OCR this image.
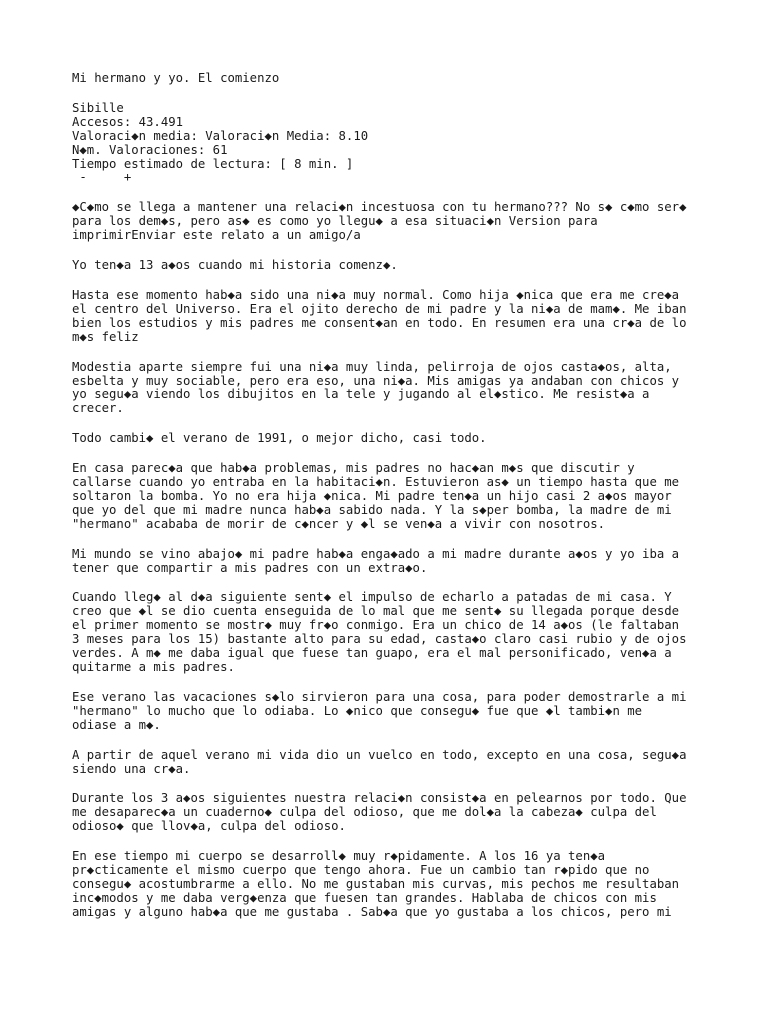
Mi hermano y yo. El comienzo
Sibille
Accesos: 43.491
Valoraci◆n media: Valoraci◆n Media: 8.10
N◆m. Valoraciones: 61
Tiempo estimado de lectura: [ 8 min. ]
-     +
◆C◆mo se llega a mantener una relaci◆n incestuosa con tu hermano??? No s◆ c◆mo ser◆
para los dem◆s, pero as◆ es como yo llegu◆ a esa situaci◆n Version para
imprimirEnviar este relato a un amigo/a
Yo ten◆a 13 a◆os cuando mi historia comenz◆.
Hasta ese momento hab◆a sido una ni◆a muy normal. Como hija ◆nica que era me cre◆a
el centro del Universo. Era el ojito derecho de mi padre y la ni◆a de mam◆. Me iban
bien los estudios y mis padres me consent◆an en todo. En resumen era una cr◆a de lo
m◆s feliz
Modestia aparte siempre fui una ni◆a muy linda, pelirroja de ojos casta◆os, alta,
esbelta y muy sociable, pero era eso, una ni◆a. Mis amigas ya andaban con chicos y
yo segu◆a viendo los dibujitos en la tele y jugando al el◆stico. Me resist◆a a
crecer.
Todo cambi◆ el verano de 1991, o mejor dicho, casi todo.
En casa parec◆a que hab◆a problemas, mis padres no hac◆an m◆s que discutir y
callarse cuando yo entraba en la habitaci◆n. Estuvieron as◆ un tiempo hasta que me
soltaron la bomba. Yo no era hija ◆nica. Mi padre ten◆a un hijo casi 2 a◆os mayor
que yo del que mi madre nunca hab◆a sabido nada. Y la s◆per bomba, la madre de mi
"hermano" acababa de morir de c◆ncer y ◆l se ven◆a a vivir con nosotros.
Mi mundo se vino abajo◆ mi padre hab◆a enga◆ado a mi madre durante a◆os y yo iba a
tener que compartir a mis padres con un extra◆o.
Cuando lleg◆ al d◆a siguiente sent◆ el impulso de echarlo a patadas de mi casa. Y
creo que ◆l se dio cuenta enseguida de lo mal que me sent◆ su llegada porque desde
el primer momento se mostr◆ muy fr◆o conmigo. Era un chico de 14 a◆os (le faltaban
3 meses para los 15) bastante alto para su edad, casta◆o claro casi rubio y de ojos
verdes. A m◆ me daba igual que fuese tan guapo, era el mal personificado, ven◆a a
quitarme a mis padres.
Ese verano las vacaciones s◆lo sirvieron para una cosa, para poder demostrarle a mi
"hermano" lo mucho que lo odiaba. Lo ◆nico que consegu◆ fue que ◆l tambi◆n me
odiase a m◆.
A partir de aquel verano mi vida dio un vuelco en todo, excepto en una cosa, segu◆a
siendo una cr◆a.
Durante los 3 a◆os siguientes nuestra relaci◆n consist◆a en pelearnos por todo. Que
me desaparec◆a un cuaderno◆ culpa del odioso, que me dol◆a la cabeza◆ culpa del
odioso◆ que llov◆a, culpa del odioso.
En ese tiempo mi cuerpo se desarroll◆ muy r◆pidamente. A los 16 ya ten◆a
pr◆cticamente el mismo cuerpo que tengo ahora. Fue un cambio tan r◆pido que no
consegu◆ acostumbrarme a ello. No me gustaban mis curvas, mis pechos me resultaban
inc◆modos y me daba verg◆enza que fuesen tan grandes. Hablaba de chicos con mis
amigas y alguno hab◆a que me gustaba . Sab◆a que yo gustaba a los chicos, pero mi
